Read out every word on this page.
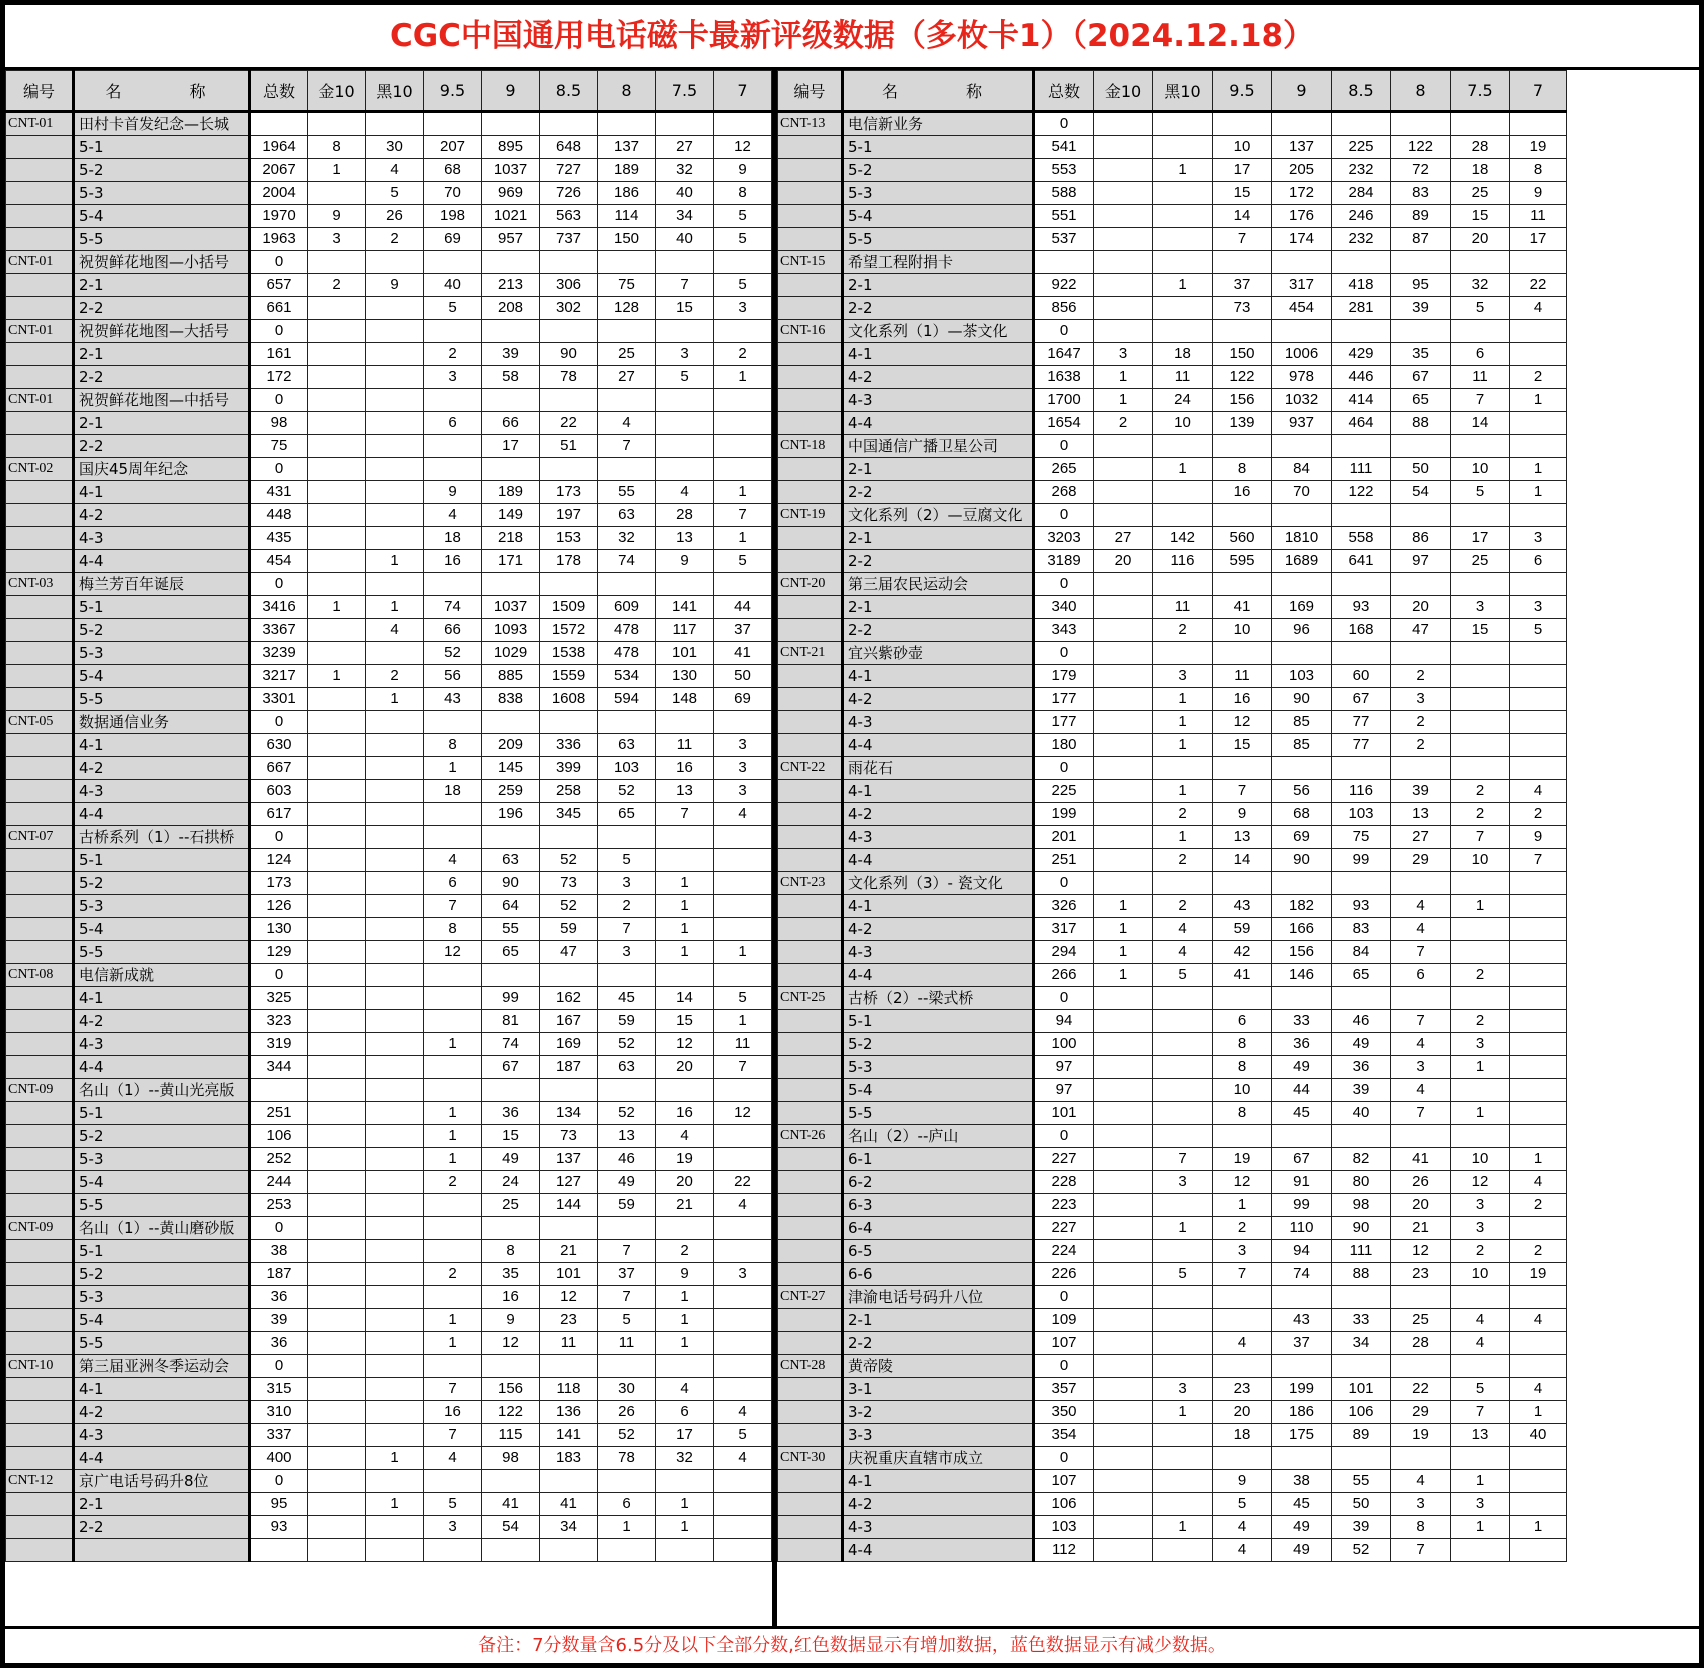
CGC中国通用电话磁卡最新评级数据（多枚卡1）（2024.12.18）
编号	名　　称	总数	金10	黑10	9.5	9	8.5	8	7.5	7
CNT-01	田村卡首发纪念—长城									
	5-1	1964	8	30	207	895	648	137	27	12
	5-2	2067	1	4	68	1037	727	189	32	9
	5-3	2004		5	70	969	726	186	40	8
	5-4	1970	9	26	198	1021	563	114	34	5
	5-5	1963	3	2	69	957	737	150	40	5
CNT-01	祝贺鲜花地图—小括号	0								
	2-1	657	2	9	40	213	306	75	7	5
	2-2	661			5	208	302	128	15	3
CNT-01	祝贺鲜花地图—大括号	0								
	2-1	161			2	39	90	25	3	2
	2-2	172			3	58	78	27	5	1
CNT-01	祝贺鲜花地图—中括号	0								
	2-1	98			6	66	22	4		
	2-2	75				17	51	7		
CNT-02	国庆45周年纪念	0								
	4-1	431			9	189	173	55	4	1
	4-2	448			4	149	197	63	28	7
	4-3	435			18	218	153	32	13	1
	4-4	454		1	16	171	178	74	9	5
CNT-03	梅兰芳百年诞辰	0								
	5-1	3416	1	1	74	1037	1509	609	141	44
	5-2	3367		4	66	1093	1572	478	117	37
	5-3	3239			52	1029	1538	478	101	41
	5-4	3217	1	2	56	885	1559	534	130	50
	5-5	3301		1	43	838	1608	594	148	69
CNT-05	数据通信业务	0								
	4-1	630			8	209	336	63	11	3
	4-2	667			1	145	399	103	16	3
	4-3	603			18	259	258	52	13	3
	4-4	617				196	345	65	7	4
CNT-07	古桥系列（1）--石拱桥	0								
	5-1	124			4	63	52	5		
	5-2	173			6	90	73	3	1	
	5-3	126			7	64	52	2	1	
	5-4	130			8	55	59	7	1	
	5-5	129			12	65	47	3	1	1
CNT-08	电信新成就	0								
	4-1	325				99	162	45	14	5
	4-2	323				81	167	59	15	1
	4-3	319			1	74	169	52	12	11
	4-4	344				67	187	63	20	7
CNT-09	名山（1）--黄山光亮版									
	5-1	251			1	36	134	52	16	12
	5-2	106			1	15	73	13	4	
	5-3	252			1	49	137	46	19	
	5-4	244			2	24	127	49	20	22
	5-5	253				25	144	59	21	4
CNT-09	名山（1）--黄山磨砂版	0								
	5-1	38				8	21	7	2	
	5-2	187			2	35	101	37	9	3
	5-3	36				16	12	7	1	
	5-4	39			1	9	23	5	1	
	5-5	36			1	12	11	11	1	
CNT-10	第三届亚洲冬季运动会	0								
	4-1	315			7	156	118	30	4	
	4-2	310			16	122	136	26	6	4
	4-3	337			7	115	141	52	17	5
	4-4	400		1	4	98	183	78	32	4
CNT-12	京广电话号码升8位	0								
	2-1	95		1	5	41	41	6	1	
	2-2	93			3	54	34	1	1	

编号	名　　称	总数	金10	黑10	9.5	9	8.5	8	7.5	7
CNT-13	电信新业务	0								
	5-1	541			10	137	225	122	28	19
	5-2	553		1	17	205	232	72	18	8
	5-3	588			15	172	284	83	25	9
	5-4	551			14	176	246	89	15	11
	5-5	537			7	174	232	87	20	17
CNT-15	希望工程附捐卡									
	2-1	922		1	37	317	418	95	32	22
	2-2	856			73	454	281	39	5	4
CNT-16	文化系列（1）—茶文化	0								
	4-1	1647	3	18	150	1006	429	35	6	
	4-2	1638	1	11	122	978	446	67	11	2
	4-3	1700	1	24	156	1032	414	65	7	1
	4-4	1654	2	10	139	937	464	88	14	
CNT-18	中国通信广播卫星公司	0								
	2-1	265		1	8	84	111	50	10	1
	2-2	268			16	70	122	54	5	1
CNT-19	文化系列（2）—豆腐文化	0								
	2-1	3203	27	142	560	1810	558	86	17	3
	2-2	3189	20	116	595	1689	641	97	25	6
CNT-20	第三届农民运动会	0								
	2-1	340		11	41	169	93	20	3	3
	2-2	343		2	10	96	168	47	15	5
CNT-21	宜兴紫砂壶	0								
	4-1	179		3	11	103	60	2		
	4-2	177		1	16	90	67	3		
	4-3	177		1	12	85	77	2		
	4-4	180		1	15	85	77	2		
CNT-22	雨花石	0								
	4-1	225		1	7	56	116	39	2	4
	4-2	199		2	9	68	103	13	2	2
	4-3	201		1	13	69	75	27	7	9
	4-4	251		2	14	90	99	29	10	7
CNT-23	文化系列（3）- 瓷文化	0								
	4-1	326	1	2	43	182	93	4	1	
	4-2	317	1	4	59	166	83	4		
	4-3	294	1	4	42	156	84	7		
	4-4	266	1	5	41	146	65	6	2	
CNT-25	古桥（2）--梁式桥	0								
	5-1	94			6	33	46	7	2	
	5-2	100			8	36	49	4	3	
	5-3	97			8	49	36	3	1	
	5-4	97			10	44	39	4		
	5-5	101			8	45	40	7	1	
CNT-26	名山（2）--庐山	0								
	6-1	227		7	19	67	82	41	10	1
	6-2	228		3	12	91	80	26	12	4
	6-3	223			1	99	98	20	3	2
	6-4	227		1	2	110	90	21	3	
	6-5	224			3	94	111	12	2	2
	6-6	226		5	7	74	88	23	10	19
CNT-27	津渝电话号码升八位	0								
	2-1	109				43	33	25	4	4
	2-2	107			4	37	34	28	4	
CNT-28	黄帝陵	0								
	3-1	357		3	23	199	101	22	5	4
	3-2	350		1	20	186	106	29	7	1
	3-3	354			18	175	89	19	13	40
CNT-30	庆祝重庆直辖市成立	0								
	4-1	107			9	38	55	4	1	
	4-2	106			5	45	50	3	3	
	4-3	103		1	4	49	39	8	1	1
	4-4	112			4	49	52	7		
备注：7分数量含6.5分及以下全部分数,红色数据显示有增加数据，蓝色数据显示有减少数据。
